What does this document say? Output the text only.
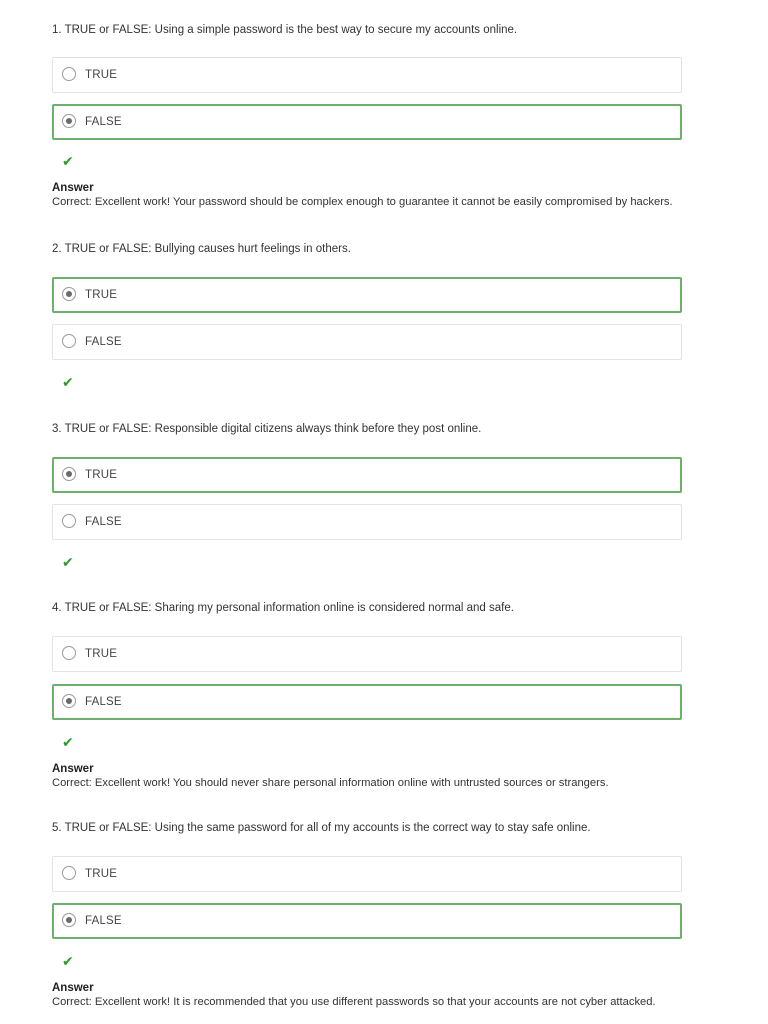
1. TRUE or FALSE: Using a simple password is the best way to secure my accounts online.

TRUE
FALSE
✔

Answer

Correct: Excellent work! Your password should be complex enough to guarantee it cannot be easily compromised by hackers.

2. TRUE or FALSE: Bullying causes hurt feelings in others.

TRUE
FALSE
✔

3. TRUE or FALSE: Responsible digital citizens always think before they post online.

TRUE
FALSE
✔

4. TRUE or FALSE: Sharing my personal information online is considered normal and safe.

TRUE
FALSE
✔

Answer

Correct: Excellent work! You should never share personal information online with untrusted sources or strangers.

5. TRUE or FALSE: Using the same password for all of my accounts is the correct way to stay safe online.

TRUE
FALSE
✔

Answer

Correct: Excellent work! It is recommended that you use different passwords so that your accounts are not cyber attacked.
